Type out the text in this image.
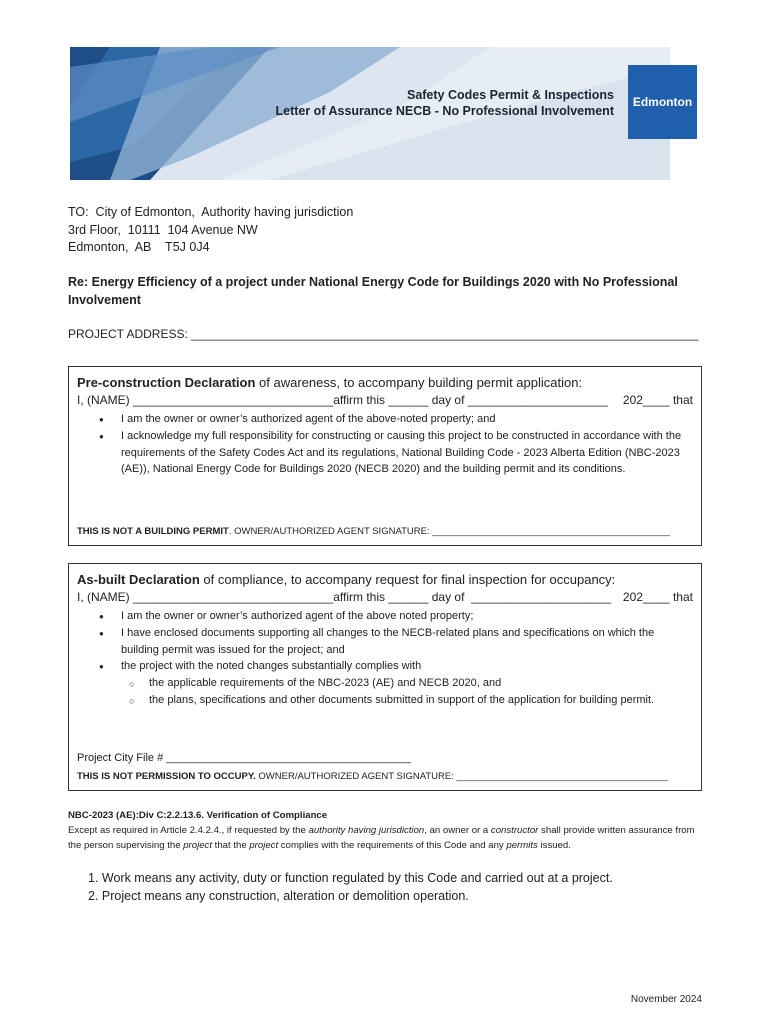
Safety Codes Permit & Inspections
Letter of Assurance NECB - No Professional Involvement
Edmonton
TO:  City of Edmonton,  Authority having jurisdiction
3rd Floor,  10111  104 Avenue NW
Edmonton,  AB    T5J 0J4
Re: Energy Efficiency of a project under National Energy Code for Buildings 2020 with No Professional Involvement
PROJECT ADDRESS: ____________________________________________________________________________
Pre-construction Declaration of awareness, to accompany building permit application:
I, (NAME) ______________________________affirm this ______ day of _____________________ 202____ that
● I am the owner or owner’s authorized agent of the above-noted property; and
● I acknowledge my full responsibility for constructing or causing this project to be constructed in accordance with the requirements of the Safety Codes Act and its regulations, National Building Code - 2023 Alberta Edition (NBC-2023 (AE)), National Energy Code for Buildings 2020 (NECB 2020) and the building permit and its conditions.
THIS IS NOT A BUILDING PERMIT. OWNER/AUTHORIZED AGENT SIGNATURE: _____________________________________________
As-built Declaration of compliance, to accompany request for final inspection for occupancy:
I, (NAME) ______________________________affirm this ______ day of  _____________________ 202____ that
● I am the owner or owner’s authorized agent of the above noted property;
● I have enclosed documents supporting all changes to the NECB-related plans and specifications on which the building permit was issued for the project; and
● the project with the noted changes substantially complies with
○ the applicable requirements of the NBC-2023 (AE) and NECB 2020, and
○ the plans, specifications and other documents submitted in support of the application for building permit.
Project City File # ________________________________________
THIS IS NOT PERMISSION TO OCCUPY. OWNER/AUTHORIZED AGENT SIGNATURE: ________________________________________
NBC-2023 (AE):Div C:2.2.13.6. Verification of Compliance
Except as required in Article 2.4.2.4., if requested by the authority having jurisdiction, an owner or a constructor shall provide written assurance from the person supervising the project that the project complies with the requirements of this Code and any permits issued.
1. Work means any activity, duty or function regulated by this Code and carried out at a project.
2. Project means any construction, alteration or demolition operation.
November 2024
